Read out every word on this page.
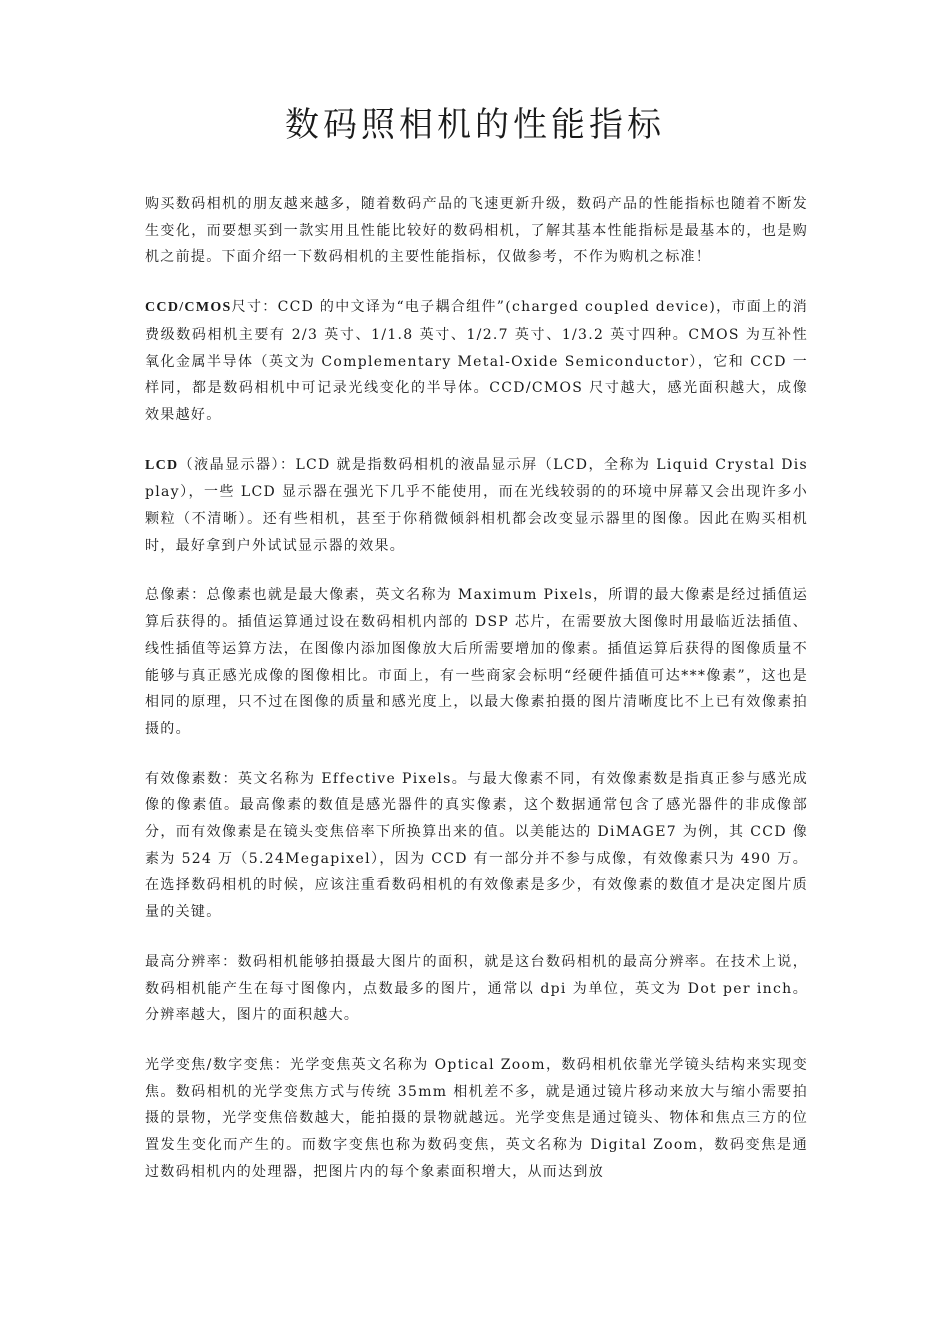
数码照相机的性能指标

购买数码相机的朋友越来越多，随着数码产品的飞速更新升级，数码产品的性能指标也随着不断发生变化，而要想买到一款实用且性能比较好的数码相机，了解其基本性能指标是最基本的，也是购机之前提。下面介绍一下数码相机的主要性能指标，仅做参考，不作为购机之标准！

CCD/CMOS尺寸：CCD 的中文译为“电子耦合组件”(charged coupled device)，市面上的消费级数码相机主要有 2/3 英寸、1/1.8 英寸、1/2.7 英寸、1/3.2 英寸四种。CMOS 为互补性氧化金属半导体（英文为 Complementary Metal-Oxide Semiconductor），它和 CCD 一样同，都是数码相机中可记录光线变化的半导体。CCD/CMOS 尺寸越大，感光面积越大，成像效果越好。

LCD（液晶显示器）：LCD 就是指数码相机的液晶显示屏（LCD，全称为 Liquid Crystal Display），一些 LCD 显示器在强光下几乎不能使用，而在光线较弱的的环境中屏幕又会出现许多小颗粒（不清晰）。还有些相机，甚至于你稍微倾斜相机都会改变显示器里的图像。因此在购买相机时，最好拿到户外试试显示器的效果。

总像素：总像素也就是最大像素，英文名称为 Maximum Pixels，所谓的最大像素是经过插值运算后获得的。插值运算通过设在数码相机内部的 DSP 芯片，在需要放大图像时用最临近法插值、线性插值等运算方法，在图像内添加图像放大后所需要增加的像素。插值运算后获得的图像质量不能够与真正感光成像的图像相比。市面上，有一些商家会标明“经硬件插值可达***像素”，这也是相同的原理，只不过在图像的质量和感光度上，以最大像素拍摄的图片清晰度比不上已有效像素拍摄的。

有效像素数：英文名称为 Effective Pixels。与最大像素不同，有效像素数是指真正参与感光成像的像素值。最高像素的数值是感光器件的真实像素，这个数据通常包含了感光器件的非成像部分，而有效像素是在镜头变焦倍率下所换算出来的值。以美能达的 DiMAGE7 为例，其 CCD 像素为 524 万（5.24Megapixel），因为 CCD 有一部分并不参与成像，有效像素只为 490 万。在选择数码相机的时候，应该注重看数码相机的有效像素是多少，有效像素的数值才是决定图片质量的关键。

最高分辨率：数码相机能够拍摄最大图片的面积，就是这台数码相机的最高分辨率。在技术上说，数码相机能产生在每寸图像内，点数最多的图片，通常以 dpi 为单位，英文为 Dot per inch。分辨率越大，图片的面积越大。

光学变焦/数字变焦：光学变焦英文名称为 Optical Zoom，数码相机依靠光学镜头结构来实现变焦。数码相机的光学变焦方式与传统 35mm 相机差不多，就是通过镜片移动来放大与缩小需要拍摄的景物，光学变焦倍数越大，能拍摄的景物就越远。光学变焦是通过镜头、物体和焦点三方的位置发生变化而产生的。而数字变焦也称为数码变焦，英文名称为 Digital Zoom，数码变焦是通过数码相机内的处理器，把图片内的每个象素面积增大，从而达到放
